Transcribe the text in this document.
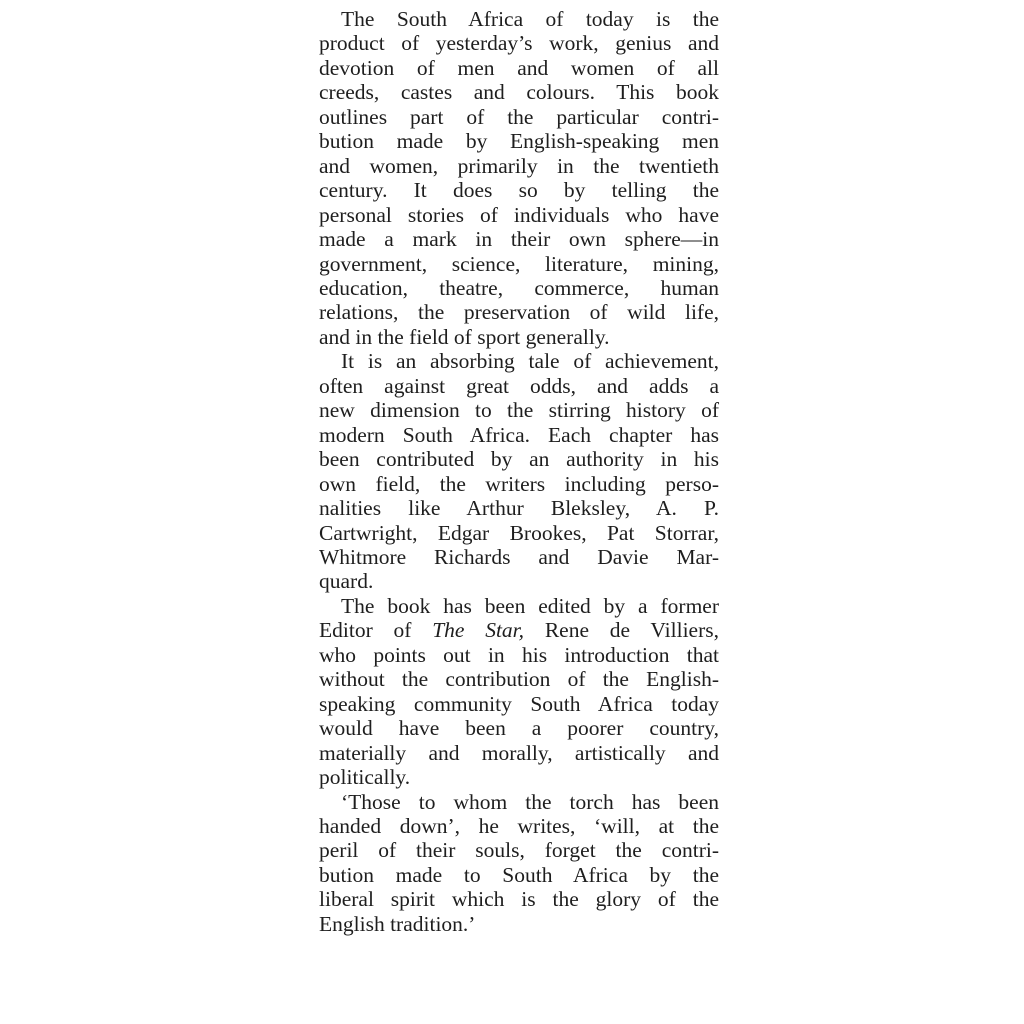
The South Africa of today is the
product of yesterday’s work, genius and
devotion of men and women of all
creeds, castes and colours. This book
outlines part of the particular contri-
bution made by English-speaking men
and women, primarily in the twentieth
century. It does so by telling the
personal stories of individuals who have
made a mark in their own sphere—in
government, science, literature, mining,
education, theatre, commerce, human
relations, the preservation of wild life,
and in the field of sport generally.
It is an absorbing tale of achievement,
often against great odds, and adds a
new dimension to the stirring history of
modern South Africa. Each chapter has
been contributed by an authority in his
own field, the writers including perso-
nalities like Arthur Bleksley, A. P.
Cartwright, Edgar Brookes, Pat Storrar,
Whitmore Richards and Davie Mar-
quard.
The book has been edited by a former
Editor of The Star, Rene de Villiers,
who points out in his introduction that
without the contribution of the English-
speaking community South Africa today
would have been a poorer country,
materially and morally, artistically and
politically.
‘Those to whom the torch has been
handed down’, he writes, ‘will, at the
peril of their souls, forget the contri-
bution made to South Africa by the
liberal spirit which is the glory of the
English tradition.’
